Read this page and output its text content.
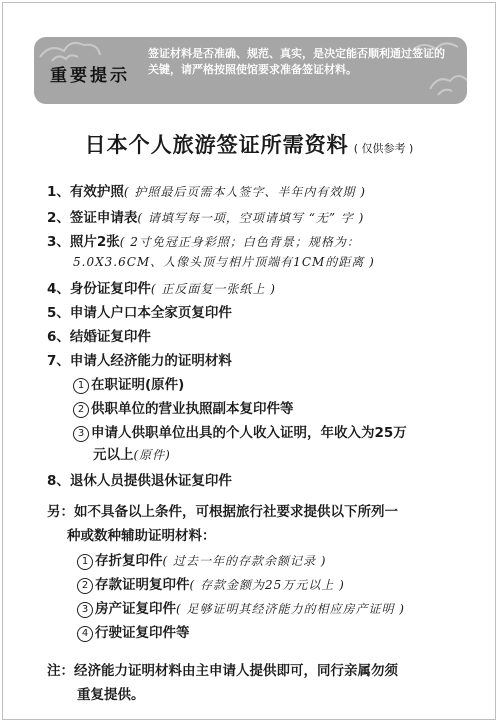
重要提示
签证材料是否准确、规范、真实，是决定能否顺利通过签证的关键，请严格按照使馆要求准备签证材料。
日本个人旅游签证所需资料 ( 仅供参考 )
1、有效护照( 护照最后页需本人签字、半年内有效期 )
2、签证申请表( 请填写每一项，空项请填写 “无” 字 )
3、照片2张( 2寸免冠正身彩照；白色背景；规格为：
5.0X3.6CM、人像头顶与相片顶端有1CM的距离 )
4、身份证复印件( 正反面复一张纸上 )
5、申请人户口本全家页复印件
6、结婚证复印件
7、申请人经济能力的证明材料
1 在职证明(原件)
2 供职单位的营业执照副本复印件等
3 申请人供职单位出具的个人收入证明，年收入为25万
元以上(原件)
8、退休人员提供退休证复印件
另：如不具备以上条件，可根据旅行社要求提供以下所列一
种或数种辅助证明材料：
1 存折复印件( 过去一年的存款余额记录 )
2 存款证明复印件( 存款金额为25万元以上 )
3 房产证复印件( 足够证明其经济能力的相应房产证明 )
4 行驶证复印件等
注：经济能力证明材料由主申请人提供即可，同行亲属勿须
重复提供。
